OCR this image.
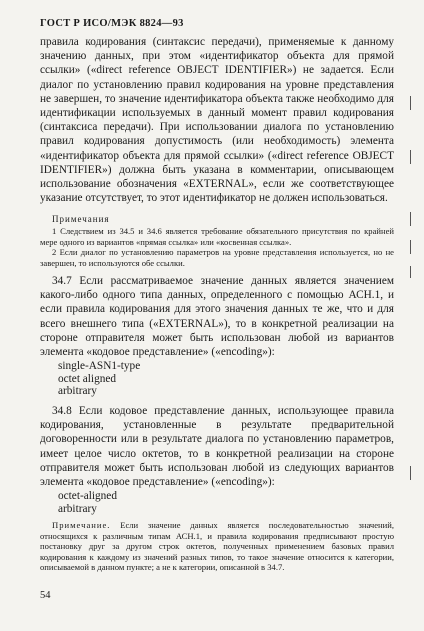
ГОСТ Р ИСО/МЭК 8824—93

правила кодирования (синтаксис передачи), применяемые к данному значению данных, при этом «идентификатор объекта для прямой ссылки» («direct reference OBJECT IDENTIFIER») не задается. Если диалог по установлению правил кодирования на уровне представления не завершен, то значение идентификатора объекта также необходимо для идентификации используемых в данный момент правил кодирования (синтаксиса передачи). При использовании диалога по установлению правил кодирования допустимость (или необходимость) элемента «идентификатор объекта для прямой ссылки» («direct reference OBJECT IDENTIFIER») должна быть указана в комментарии, описывающем использование обозначения «EXTERNAL», если же соответствующее указание отсутствует, то этот идентификатор не должен использоваться.

Примечания

1 Следствием из 34.5 и 34.6 является требование обязательного присутствия по крайней мере одного из вариантов «прямая ссылка» или «косвенная ссылка».

2 Если диалог по установлению параметров на уровне представления используется, но не завершен, то используются обе ссылки.

34.7 Если рассматриваемое значение данных является значением какого-либо одного типа данных, определенного с помощью АСН.1, и если правила кодирования для этого значения данных те же, что и для всего внешнего типа («EXTERNAL»), то в конкретной реализации на стороне отправителя может быть использован любой из вариантов элемента «кодовое представление» («encoding»):

single-ASN1-type
octet aligned
arbitrary

34.8 Если кодовое представление данных, использующее правила кодирования, установленные в результате предварительной договоренности или в результате диалога по установлению параметров, имеет целое число октетов, то в конкретной реализации на стороне отправителя может быть использован любой из следующих вариантов элемента «кодовое представление» («encoding»):

octet-aligned
arbitrary

Примечание. Если значение данных является последовательностью значений, относящихся к различным типам АСН.1, и правила кодирования предписывают простую постановку друг за другом строк октетов, полученных применением базовых правил кодирования к каждому из значений разных типов, то такое значение относится к категории, описываемой в данном пункте; а не к категории, описанной в 34.7.

54
